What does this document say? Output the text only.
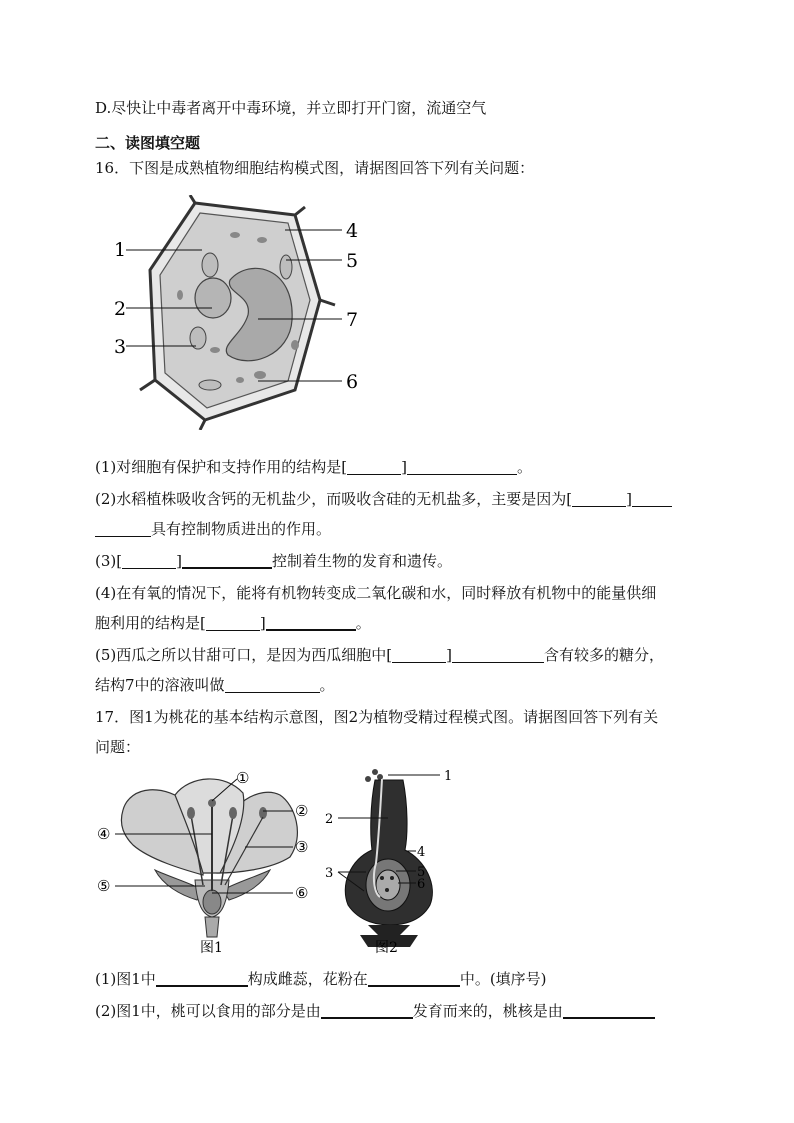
D.尽快让中毒者离开中毒环境，并立即打开门窗，流通空气
二、读图填空题
16．下图是成熟植物细胞结构模式图，请据图回答下列有关问题：
1
2
3
4
5
6
7
(1)对细胞有保护和支持作用的结构是[	]	。
(2)水稻植株吸收含钙的无机盐少，而吸收含硅的无机盐多，主要是因为[	]
具有控制物质进出的作用。
(3)[	]	控制着生物的发育和遗传。
(4)在有氧的情况下，能将有机物转变成二氧化碳和水，同时释放有机物中的能量供细
胞利用的结构是[	]	。
(5)西瓜之所以甘甜可口，是因为西瓜细胞中[	]	含有较多的糖分，
结构7中的溶液叫做	。
17．图1为桃花的基本结构示意图，图2为植物受精过程模式图。请据图回答下列有关
问题：
①
②
③
④
⑤	⑥
图1
1
2
3
4
5
6
图2
(1)图1中	构成雌蕊，花粉在	中。(填序号)
(2)图1中，桃可以食用的部分是由	发育而来的，桃核是由
